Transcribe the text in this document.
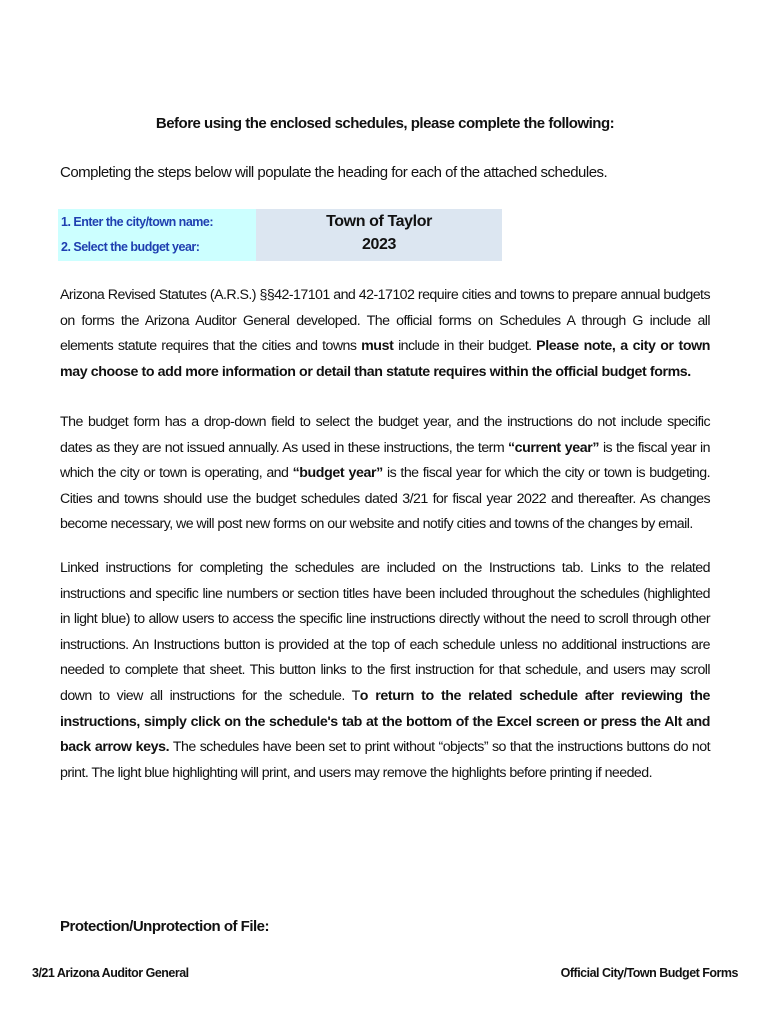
Before using the enclosed schedules, please complete the following:
Completing the steps below will populate the heading for each of the attached schedules.
1. Enter the city/town name:
2. Select the budget year:
Town of Taylor
2023

Arizona Revised Statutes (A.R.S.) §§42-17101 and 42-17102 require cities and towns to prepare annual budgets on forms the Arizona Auditor General developed. The official forms on Schedules A through G include all elements statute requires that the cities and towns must include in their budget. Please note, a city or town may choose to add more information or detail than statute requires within the official budget forms.

The budget form has a drop-down field to select the budget year, and the instructions do not include specific dates as they are not issued annually. As used in these instructions, the term “current year” is the fiscal year in which the city or town is operating, and “budget year” is the fiscal year for which the city or town is budgeting. Cities and towns should use the budget schedules dated 3/21 for fiscal year 2022 and thereafter. As changes become necessary, we will post new forms on our website and notify cities and towns of the changes by email.

Linked instructions for completing the schedules are included on the Instructions tab. Links to the related instructions and specific line numbers or section titles have been included throughout the schedules (highlighted in light blue) to allow users to access the specific line instructions directly without the need to scroll through other instructions. An Instructions button is provided at the top of each schedule unless no additional instructions are needed to complete that sheet. This button links to the first instruction for that schedule, and users may scroll down to view all instructions for the schedule. To return to the related schedule after reviewing the instructions, simply click on the schedule's tab at the bottom of the Excel screen or press the Alt and back arrow keys. The schedules have been set to print without “objects” so that the instructions buttons do not print. The light blue highlighting will print, and users may remove the highlights before printing if needed.

Protection/Unprotection of File:
3/21 Arizona Auditor General	Official City/Town Budget Forms
